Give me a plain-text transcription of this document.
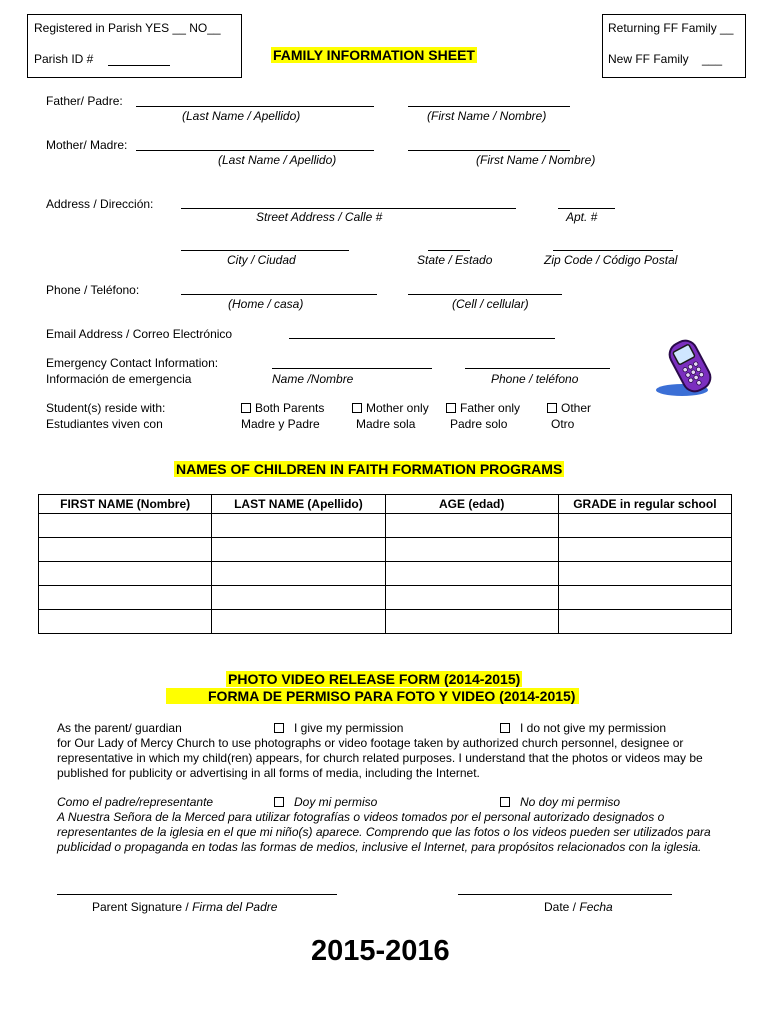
Registered in Parish YES __ NO__
Parish ID #	FAMILY INFORMATION SHEET
Returning FF Family __
New FF Family ___
Father/ Padre:
(Last Name / Apellido)	(First Name / Nombre)
Mother/ Madre:
(Last Name / Apellido)	(First Name / Nombre)
Address / Dirección:
Street Address / Calle #	Apt. #
City / Ciudad	State / Estado	Zip Code / Código Postal
Phone / Teléfono:
(Home / casa)	(Cell / cellular)
Email Address / Correo Electrónico
Emergency Contact Information:
Información de emergencia	Name /Nombre	Phone / teléfono
Student(s) reside with:
Estudiantes viven con
Both Parents
Madre y Padre
Mother only
Madre sola
Father only
Padre solo
Other
Otro
NAMES OF CHILDREN IN FAITH FORMATION PROGRAMS
FIRST NAME (Nombre)	LAST NAME (Apellido)	AGE (edad)	GRADE in regular school

PHOTO VIDEO RELEASE FORM (2014-2015)
FORMA DE PERMISO PARA FOTO Y VIDEO (2014-2015)
As the parent/ guardian	I give my permission	I do not give my permission
for Our Lady of Mercy Church to use photographs or video footage taken by authorized church personnel, designee or representative in which my child(ren) appears, for church related purposes. I understand that the photos or videos may be published for publicity or advertising in all forms of media, including the Internet.
Como el padre/representante	Doy mi permiso	No doy mi permiso
A Nuestra Señora de la Merced para utilizar fotografías o videos tomados por el personal autorizado designados o representantes de la iglesia en el que mi niño(s) aparece. Comprendo que las fotos o los videos pueden ser utilizados para publicidad o propaganda en todas las formas de medios, inclusive el Internet, para propósitos relacionados con la iglesia.
Parent Signature / Firma del Padre	Date / Fecha
2015-2016
